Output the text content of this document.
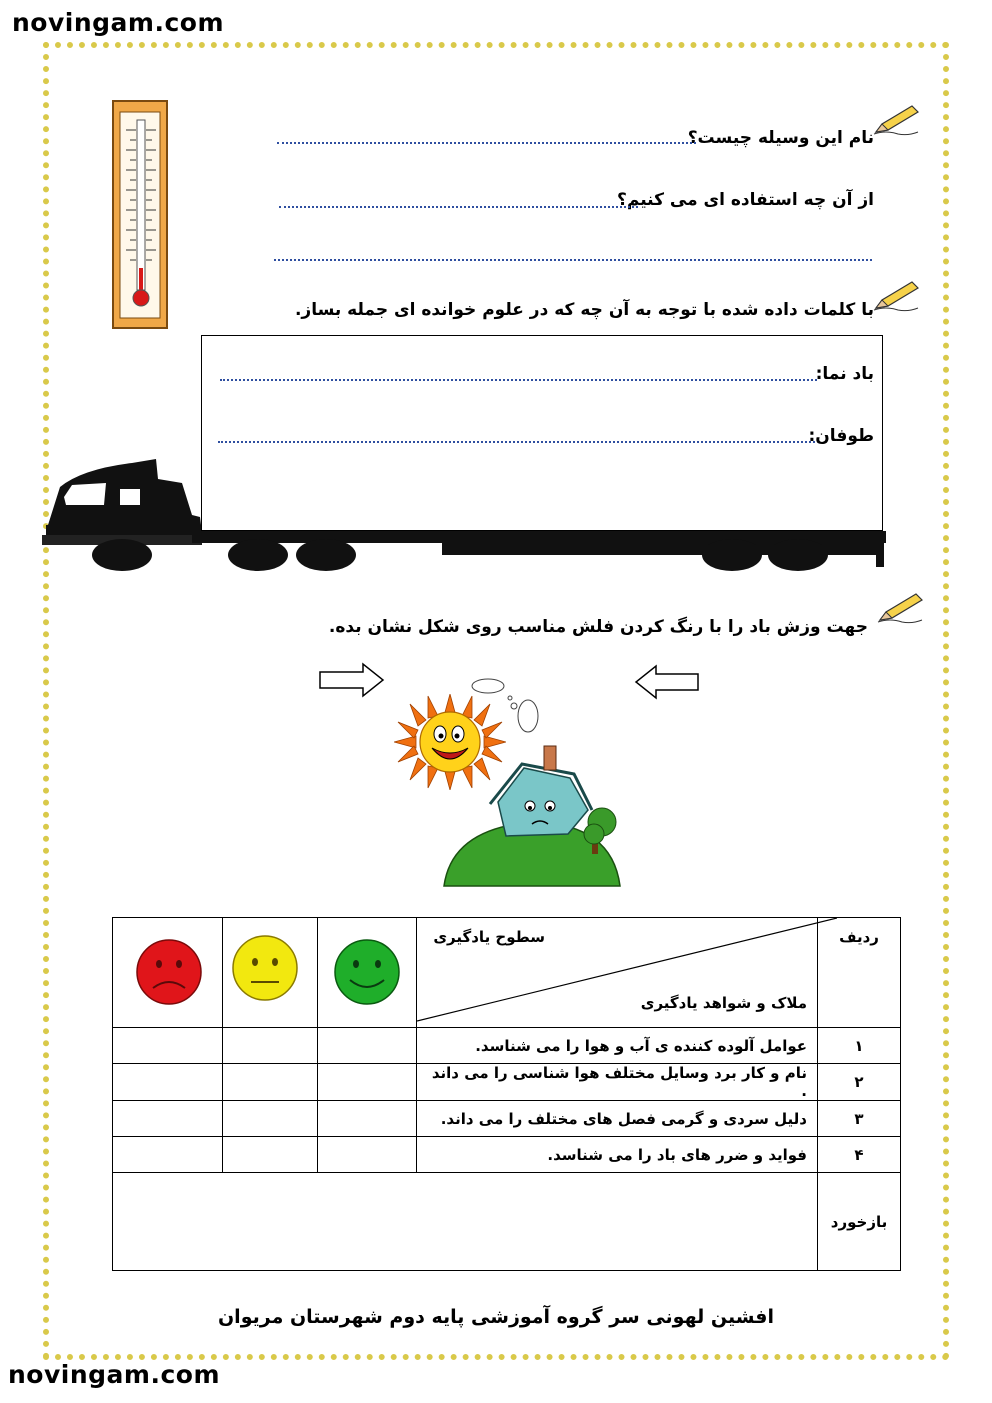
novingam.com
novingam.com
نام این وسیله چیست؟
از آن چه استفاده ای می کنیم؟
با کلمات داده شده با توجه به آن چه که در علوم خوانده ای جمله بساز.
باد نما:
طوفان:
جهت وزش باد را با رنگ کردن فلش مناسب روی شکل نشان بده.
ردیف	سطوح یادگیری
ملاک و شواهد یادگیری

۱	عوامل آلوده کننده ی آب و هوا را می شناسد.			
۲	نام و کار برد وسایل مختلف هوا شناسی را می داند .			
۳	دلیل سردی و گرمی فصل های مختلف را می داند.			
۴	فواید و ضرر های باد را می شناسد.			
بازخورد				
افشین لهونی سر گروه آموزشی پایه دوم شهرستان مریوان
